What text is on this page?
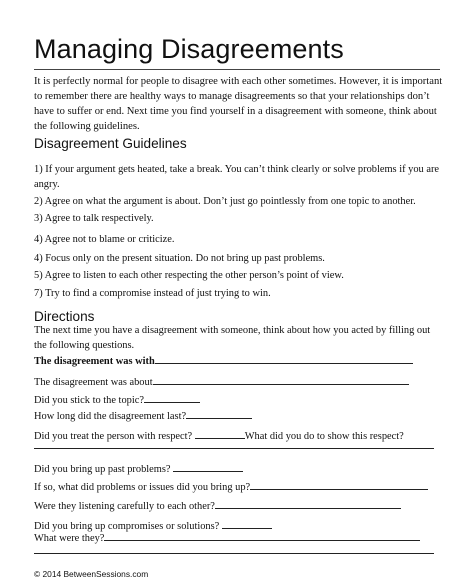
Managing Disagreements
It is perfectly normal for people to disagree with each other sometimes. However, it is important to remember there are healthy ways to manage disagreements so that your relationships don’t have to suffer or end. Next time you find yourself in a disagreement with someone, think about the following guidelines.
Disagreement Guidelines
1) If your argument gets heated, take a break. You can’t think clearly or solve problems if you are angry.
2) Agree on what the argument is about. Don’t just go pointlessly from one topic to another.
3) Agree to talk respectively.
4) Agree not to blame or criticize.
4) Focus only on the present situation. Do not bring up past problems.
5) Agree to listen to each other respecting the other person’s point of view.
7) Try to find a compromise instead of just trying to win.
Directions
The next time you have a disagreement with someone, think about how you acted by filling out the following questions.
The disagreement was with
The disagreement was about
Did you stick to the topic?
How long did the disagreement last?
Did you treat the person with respect?	What did you do to show this respect?
Did you bring up past problems?
If so, what did problems or issues did you bring up?
Were they listening carefully to each other?
Did you bring up compromises or solutions?
What were they?
© 2014 BetweenSessions.com
